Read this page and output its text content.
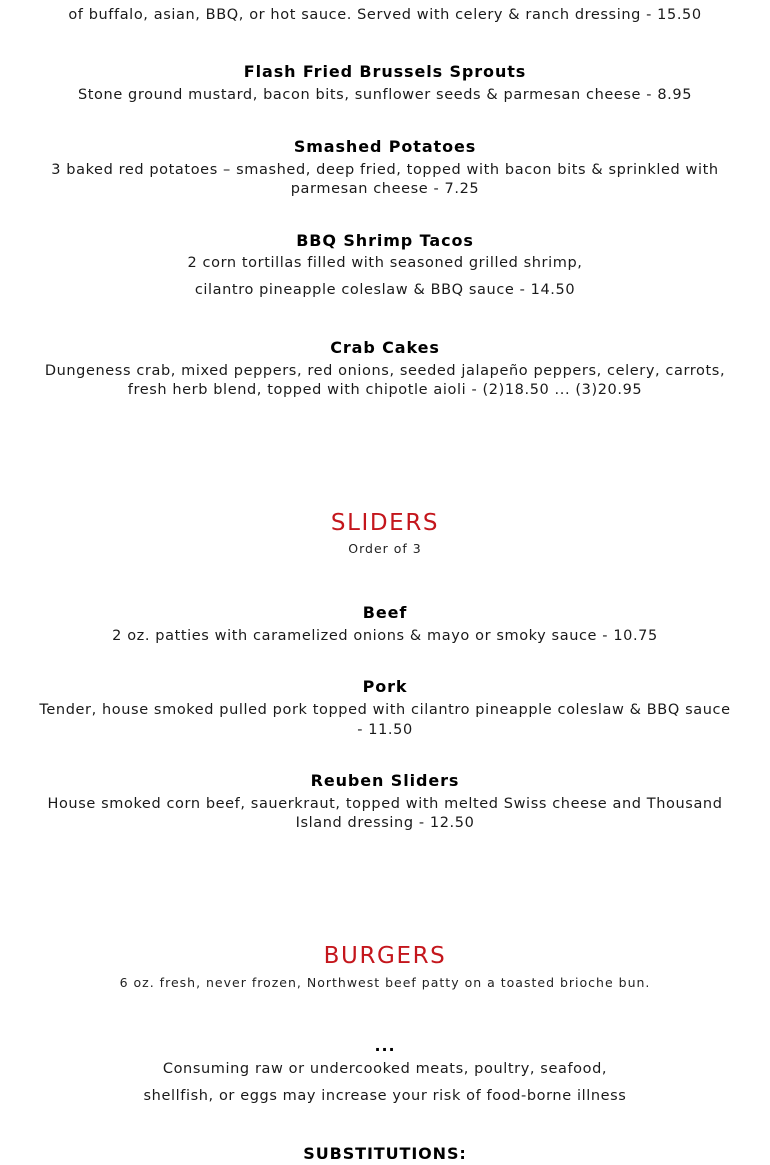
of buffalo, asian, BBQ, or hot sauce. Served with celery & ranch dressing - 15.50
Flash Fried Brussels Sprouts
Stone ground mustard, bacon bits, sunflower seeds & parmesan cheese - 8.95
Smashed Potatoes
3 baked red potatoes – smashed, deep fried, topped with bacon bits & sprinkled with
parmesan cheese - 7.25
BBQ Shrimp Tacos
2 corn tortillas filled with seasoned grilled shrimp,
cilantro pineapple coleslaw & BBQ sauce - 14.50
Crab Cakes
Dungeness crab, mixed peppers, red onions, seeded jalapeño peppers, celery, carrots,
fresh herb blend, topped with chipotle aioli - (2)18.50 ... (3)20.95
SLIDERS
Order of 3
Beef
2 oz. patties with caramelized onions & mayo or smoky sauce - 10.75
Pork
Tender, house smoked pulled pork topped with cilantro pineapple coleslaw & BBQ sauce
- 11.50
Reuben Sliders
House smoked corn beef, sauerkraut, topped with melted Swiss cheese and Thousand
Island dressing - 12.50
BURGERS
6 oz. fresh, never frozen, Northwest beef patty on a toasted brioche bun.
...
Consuming raw or undercooked meats, poultry, seafood,
shellfish, or eggs may increase your risk of food-borne illness
SUBSTITUTIONS:
